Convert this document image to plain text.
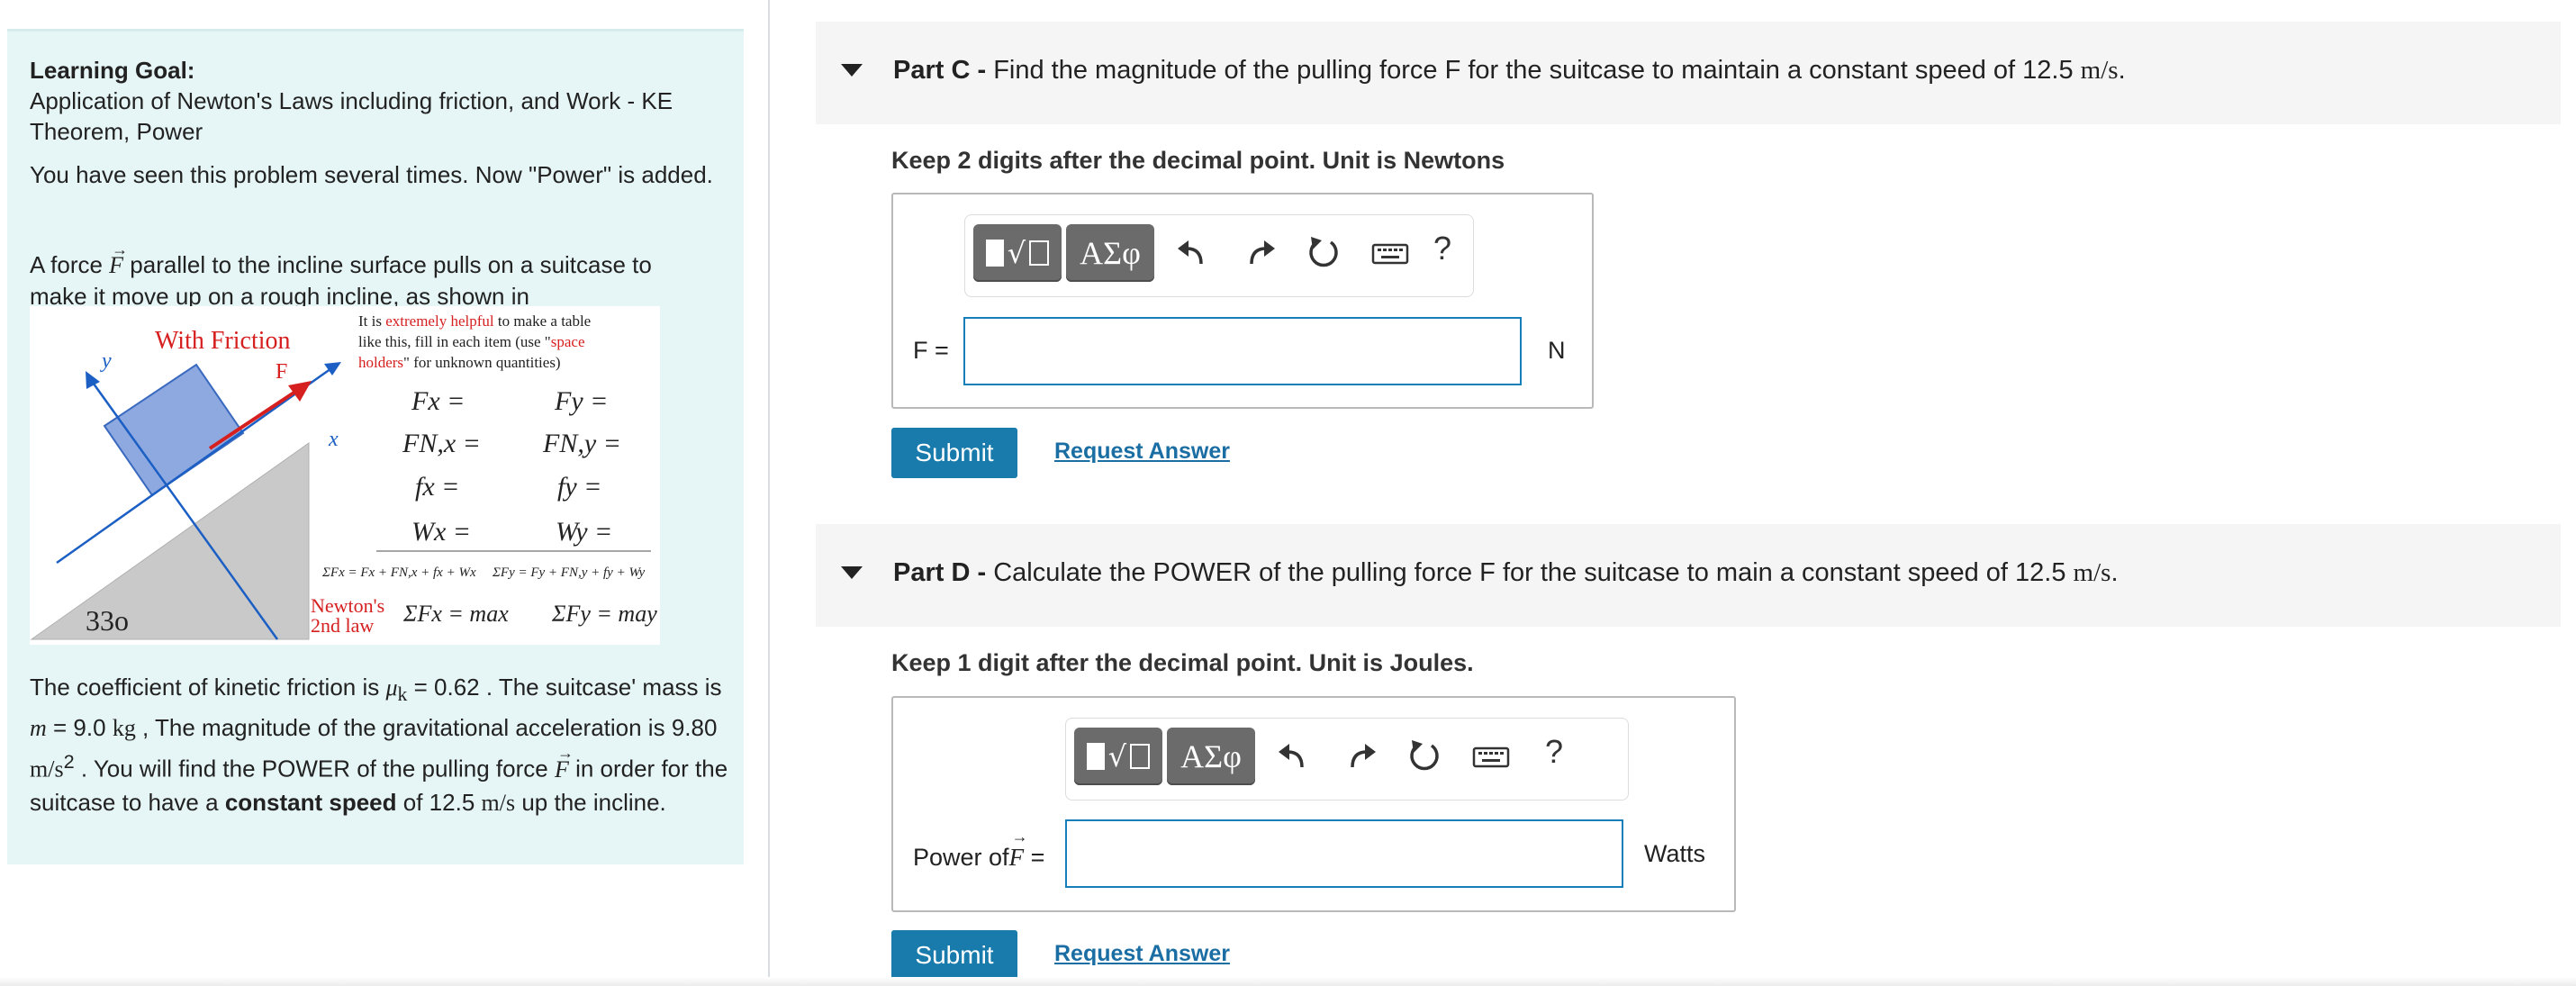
Learning Goal:
Application of Newton's Laws including friction, and Work - KE Theorem, Power
You have seen this problem several times. Now "Power" is added.
A force → F parallel to the incline surface pulls on a suitcase to make it move up on a rough incline, as shown in
With Friction
F
y
x
33o
It is extremely helpful to make a table
like this, fill in each item (use "space
holders" for unknown quantities)
Fx =	Fy =
FN,x = FN,y =
fx =	fy =
Wx =	Wy =
ΣFx = Fx + FN,x + fx + Wx ΣFy = Fy + FN,y + fy + Wy
Newton's
2nd law ΣFx = max ΣFy = may
The coefficient of kinetic friction is $\mu_k = 0.62$ . The suitcase' mass is m = 9.0 kg , The magnitude of the gravitational acceleration is 9.80 $m/s^2$ . You will find the POWER of the pulling force → F in order for the suitcase to have a constant speed of 12.5 m/s up the incline.
Part C - Find the magnitude of the pulling force F for the suitcase to maintain a constant speed of 12.5 m/s.
Keep 2 digits after the decimal point. Unit is Newtons
√	ΑΣφ	?
F =	N
Submit	Request Answer
Part D - Calculate the POWER of the pulling force F for the suitcase to main a constant speed of 12.5 m/s.
Keep 1 digit after the decimal point. Unit is Joules.
√	ΑΣφ	?
Power of→ F =	Watts
Submit	Request Answer
